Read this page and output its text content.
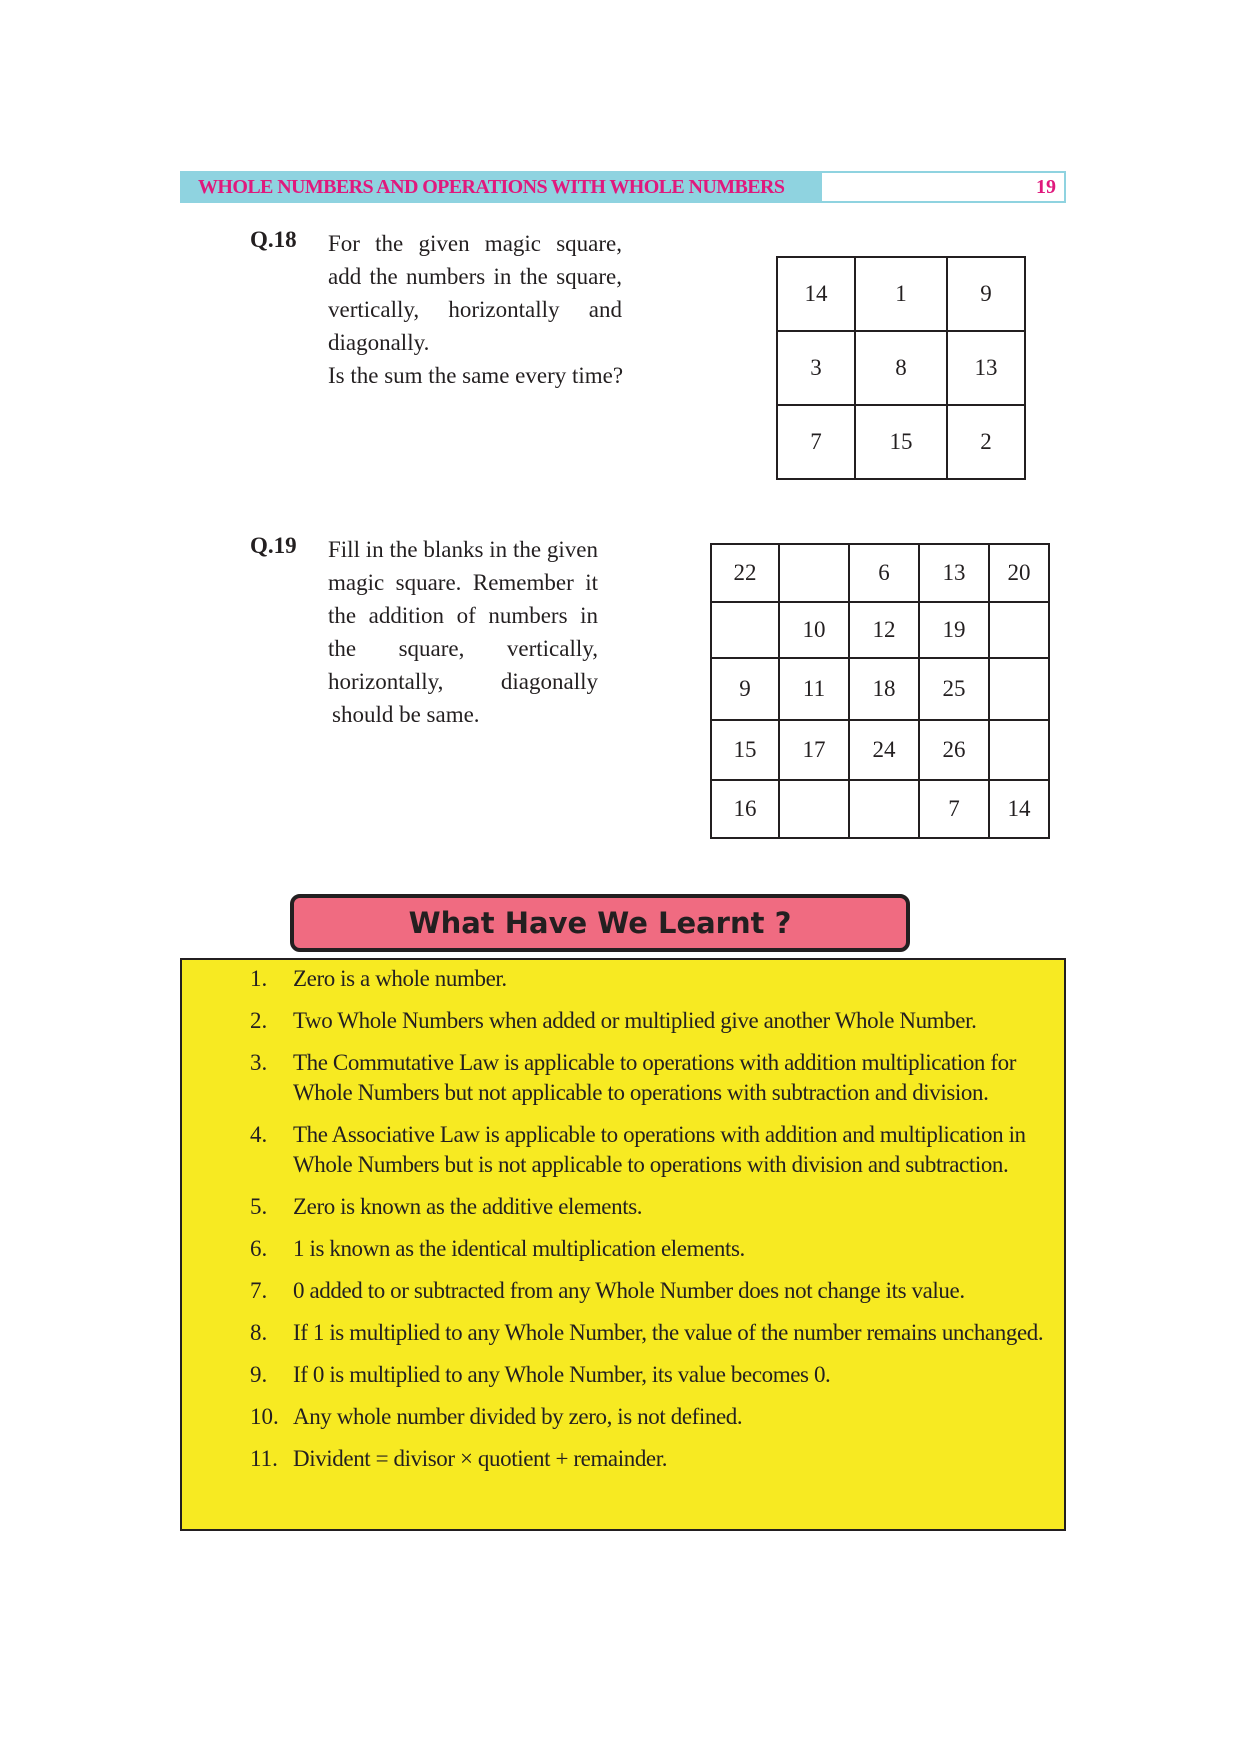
WHOLE NUMBERS AND OPERATIONS WITH WHOLE NUMBERS	19
Q.18 For the given magic square,
add the numbers in the square,
vertically, horizontally and
diagonally.
Is the sum the same every time?
14	1	9
3	8	13
7	15	2
Q.19 Fill in the blanks in the given
magic square. Remember it
the addition of numbers in
the square, vertically,
horizontally, diagonally
should be same.
22		6	13	20
	10	12	19	
9	11	18	25	
15	17	24	26	
16			7	14
What Have We Learnt ?
1.	Zero is a whole number.
2.	Two Whole Numbers when added or multiplied give another Whole Number.
3.	The Commutative Law is applicable to operations with addition multiplication for Whole Numbers but not applicable to operations with subtraction and division.
4.	The Associative Law is applicable to operations with addition and multiplication in Whole Numbers but is not applicable to operations with division and subtraction.
5.	Zero is known as the additive elements.
6.	1 is known as the identical multiplication elements.
7.	0 added to or subtracted from any Whole Number does not change its value.
8.	If 1 is multiplied to any Whole Number, the value of the number remains unchanged.
9.	If 0 is multiplied to any Whole Number, its value becomes 0.
10. Any whole number divided by zero, is not defined.
11. Divident = divisor × quotient + remainder.
